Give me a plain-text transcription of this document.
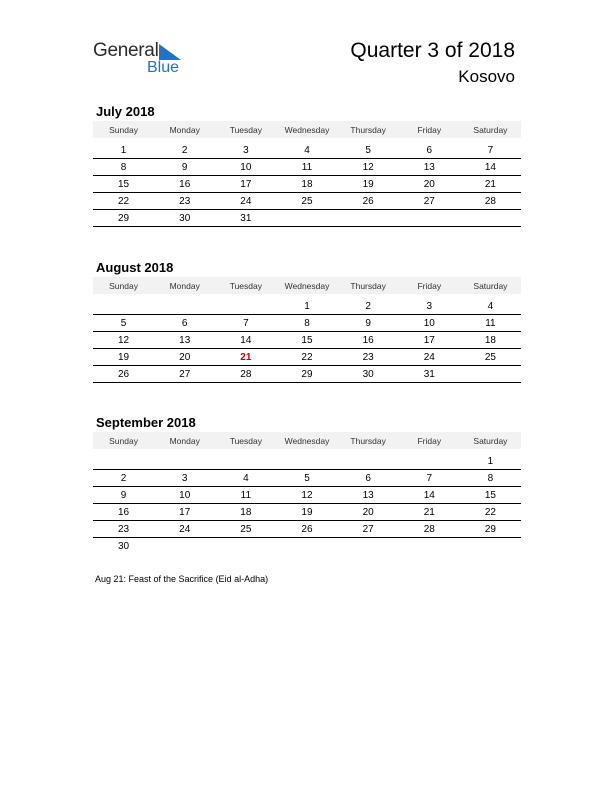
General
Blue
Quarter 3 of 2018
Kosovo
July 2018
Sunday	Monday	Tuesday	Wednesday	Thursday	Friday	Saturday

1	2	3	4	5	6	7
8	9	10	11	12	13	14
15	16	17	18	19	20	21
22	23	24	25	26	27	28
29	30	31				
August 2018
Sunday	Monday	Tuesday	Wednesday	Thursday	Friday	Saturday

			1	2	3	4
5	6	7	8	9	10	11
12	13	14	15	16	17	18
19	20	21	22	23	24	25
26	27	28	29	30	31	
September 2018
Sunday	Monday	Tuesday	Wednesday	Thursday	Friday	Saturday

						1
2	3	4	5	6	7	8
9	10	11	12	13	14	15
16	17	18	19	20	21	22
23	24	25	26	27	28	29
30						
Aug 21: Feast of the Sacrifice (Eid al-Adha)
